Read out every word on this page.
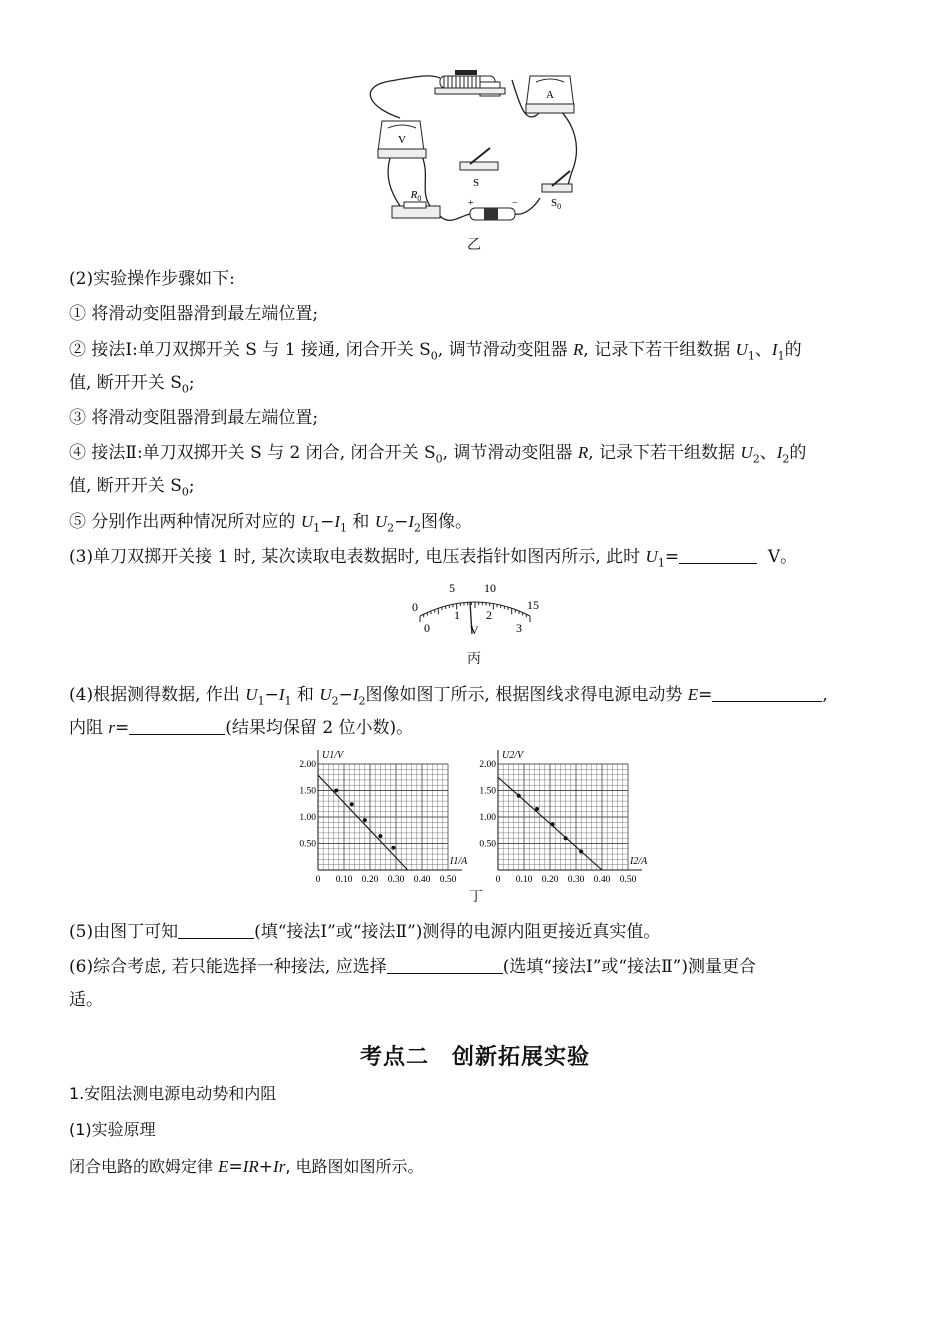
A
V
S
$S_0$
$R_0$	+	−
乙
(2)实验操作步骤如下:
① 将滑动变阻器滑到最左端位置;
② 接法Ⅰ:单刀双掷开关 S 与 1 接通, 闭合开关 $S_0$, 调节滑动变阻器 R, 记录下若干组数据 $U_1$、$I_1$的
值, 断开开关 $S_0$;
③ 将滑动变阻器滑到最左端位置;
④ 接法Ⅱ:单刀双掷开关 S 与 2 闭合, 闭合开关 $S_0$, 调节滑动变阻器 R, 记录下若干组数据 $U_2$、$I_2$的
值, 断开开关 $S_0$;
⑤ 分别作出两种情况所对应的 $U_1-I_1$ 和 $U_2-I_2$图像。
(3)单刀双掷开关接 1 时, 某次读取电表数据时, 电压表指针如图丙所示, 此时 $U_1=$	V。
0
5 10
15
0
1 2
3
V
丙
(4)根据测得数据, 作出 $U_1-I_1$ 和 $U_2-I_2$图像如图丁所示, 根据图线求得电源电动势 E=	,
内阻 r=	(结果均保留 2 位小数)。
U1/V
I1/A
0.50
1.00
1.50
2.00
0 0.10 0.20 0.30 0.40 0.50
U2/V
I2/A
0.50
1.00
1.50
2.00
0 0.10 0.20 0.30 0.40 0.50
丁
(5)由图丁可知	(填“接法Ⅰ”或“接法Ⅱ”)测得的电源内阻更接近真实值。
(6)综合考虑, 若只能选择一种接法, 应选择	(选填“接法Ⅰ”或“接法Ⅱ”)测量更合
适。
考点二　创新拓展实验
1.安阻法测电源电动势和内阻
(1)实验原理
闭合电路的欧姆定律 E=IR+Ir, 电路图如图所示。
